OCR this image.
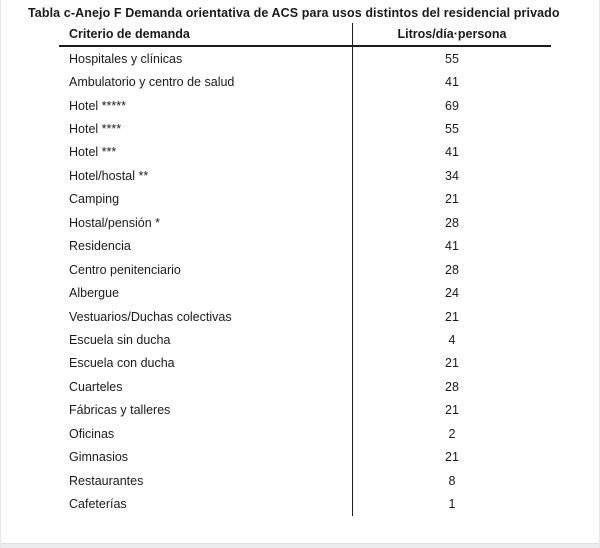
Tabla c-Anejo F Demanda orientativa de ACS para usos distintos del residencial privado
Criterio de demanda	Litros/día·persona
Hospitales y clínicas	55
Ambulatorio y centro de salud	41
Hotel *****	69
Hotel ****	55
Hotel ***	41
Hotel/hostal **	34
Camping	21
Hostal/pensión *	28
Residencia	41
Centro penitenciario	28
Albergue	24
Vestuarios/Duchas colectivas	21
Escuela sin ducha	4
Escuela con ducha	21
Cuarteles	28
Fábricas y talleres	21
Oficinas	2
Gimnasios	21
Restaurantes	8
Cafeterías	1
